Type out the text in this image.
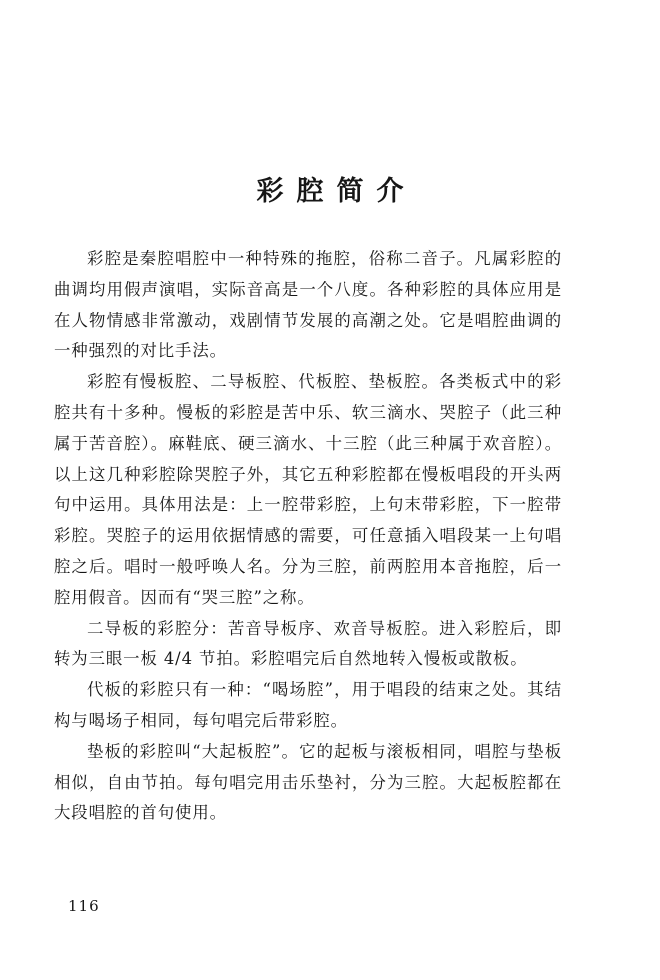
彩腔简介

彩腔是秦腔唱腔中一种特殊的拖腔，俗称二音子。凡属彩腔的曲调均用假声演唱，实际音高是一个八度。各种彩腔的具体应用是在人物情感非常激动，戏剧情节发展的高潮之处。它是唱腔曲调的一种强烈的对比手法。

彩腔有慢板腔、二导板腔、代板腔、垫板腔。各类板式中的彩腔共有十多种。慢板的彩腔是苦中乐、软三滴水、哭腔子（此三种属于苦音腔）。麻鞋底、硬三滴水、十三腔（此三种属于欢音腔）。以上这几种彩腔除哭腔子外，其它五种彩腔都在慢板唱段的开头两句中运用。具体用法是：上一腔带彩腔，上句末带彩腔，下一腔带彩腔。哭腔子的运用依据情感的需要，可任意插入唱段某一上句唱腔之后。唱时一般呼唤人名。分为三腔，前两腔用本音拖腔，后一腔用假音。因而有“哭三腔”之称。

二导板的彩腔分：苦音导板序、欢音导板腔。进入彩腔后，即转为三眼一板 4/4 节拍。彩腔唱完后自然地转入慢板或散板。

代板的彩腔只有一种：“喝场腔”，用于唱段的结束之处。其结构与喝场子相同，每句唱完后带彩腔。

垫板的彩腔叫“大起板腔”。它的起板与滚板相同，唱腔与垫板相似，自由节拍。每句唱完用击乐垫衬，分为三腔。大起板腔都在大段唱腔的首句使用。

116
